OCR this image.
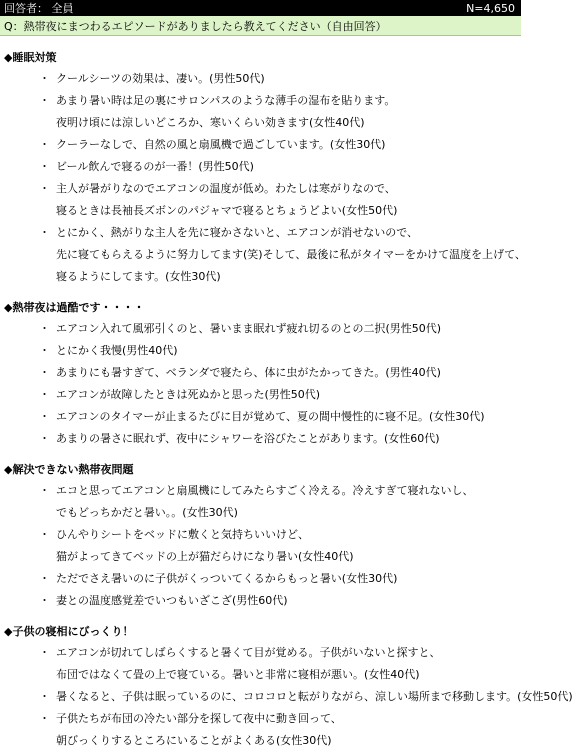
回答者： 全員	N=4,650
Q：熱帯夜にまつわるエピソードがありましたら教えてください（自由回答）
◆睡眠対策
・ クールシーツの効果は、凄い。(男性50代)
・ あまり暑い時は足の裏にサロンパスのような薄手の湿布を貼ります。
夜明け頃には涼しいどころか、寒いくらい効きます(女性40代)
・ クーラーなしで、自然の風と扇風機で過ごしています。(女性30代)
・ ビール飲んで寝るのが一番！(男性50代)
・ 主人が暑がりなのでエアコンの温度が低め。わたしは寒がりなので、
寝るときは長袖長ズボンのパジャマで寝るとちょうどよい(女性50代)
・ とにかく、熱がりな主人を先に寝かさないと、エアコンが消せないので、
先に寝てもらえるように努力してます(笑)そして、最後に私がタイマーをかけて温度を上げて、
寝るようにしてます。(女性30代)
◆熱帯夜は過酷です・・・・
・ エアコン入れて風邪引くのと、暑いまま眠れず疲れ切るのとの二択(男性50代)
・ とにかく我慢(男性40代)
・ あまりにも暑すぎて、ベランダで寝たら、体に虫がたかってきた。(男性40代)
・ エアコンが故障したときは死ぬかと思った(男性50代)
・ エアコンのタイマーが止まるたびに目が覚めて、夏の間中慢性的に寝不足。(女性30代)
・ あまりの暑さに眠れず、夜中にシャワーを浴びたことがあります。(女性60代)
◆解決できない熱帯夜問題
・ エコと思ってエアコンと扇風機にしてみたらすごく冷える。冷えすぎて寝れないし、
でもどっちかだと暑い。。(女性30代)
・ ひんやりシートをベッドに敷くと気持ちいいけど、
猫がよってきてベッドの上が猫だらけになり暑い(女性40代)
・ ただでさえ暑いのに子供がくっついてくるからもっと暑い(女性30代)
・ 妻との温度感覚差でいつもいざこざ(男性60代)
◆子供の寝相にびっくり！
・ エアコンが切れてしばらくすると暑くて目が覚める。子供がいないと探すと、
布団ではなくて畳の上で寝ている。暑いと非常に寝相が悪い。(女性40代)
・ 暑くなると、子供は眠っているのに、コロコロと転がりながら、涼しい場所まで移動します。(女性50代)
・ 子供たちが布団の冷たい部分を探して夜中に動き回って、
朝びっくりするところにいることがよくある(女性30代)
